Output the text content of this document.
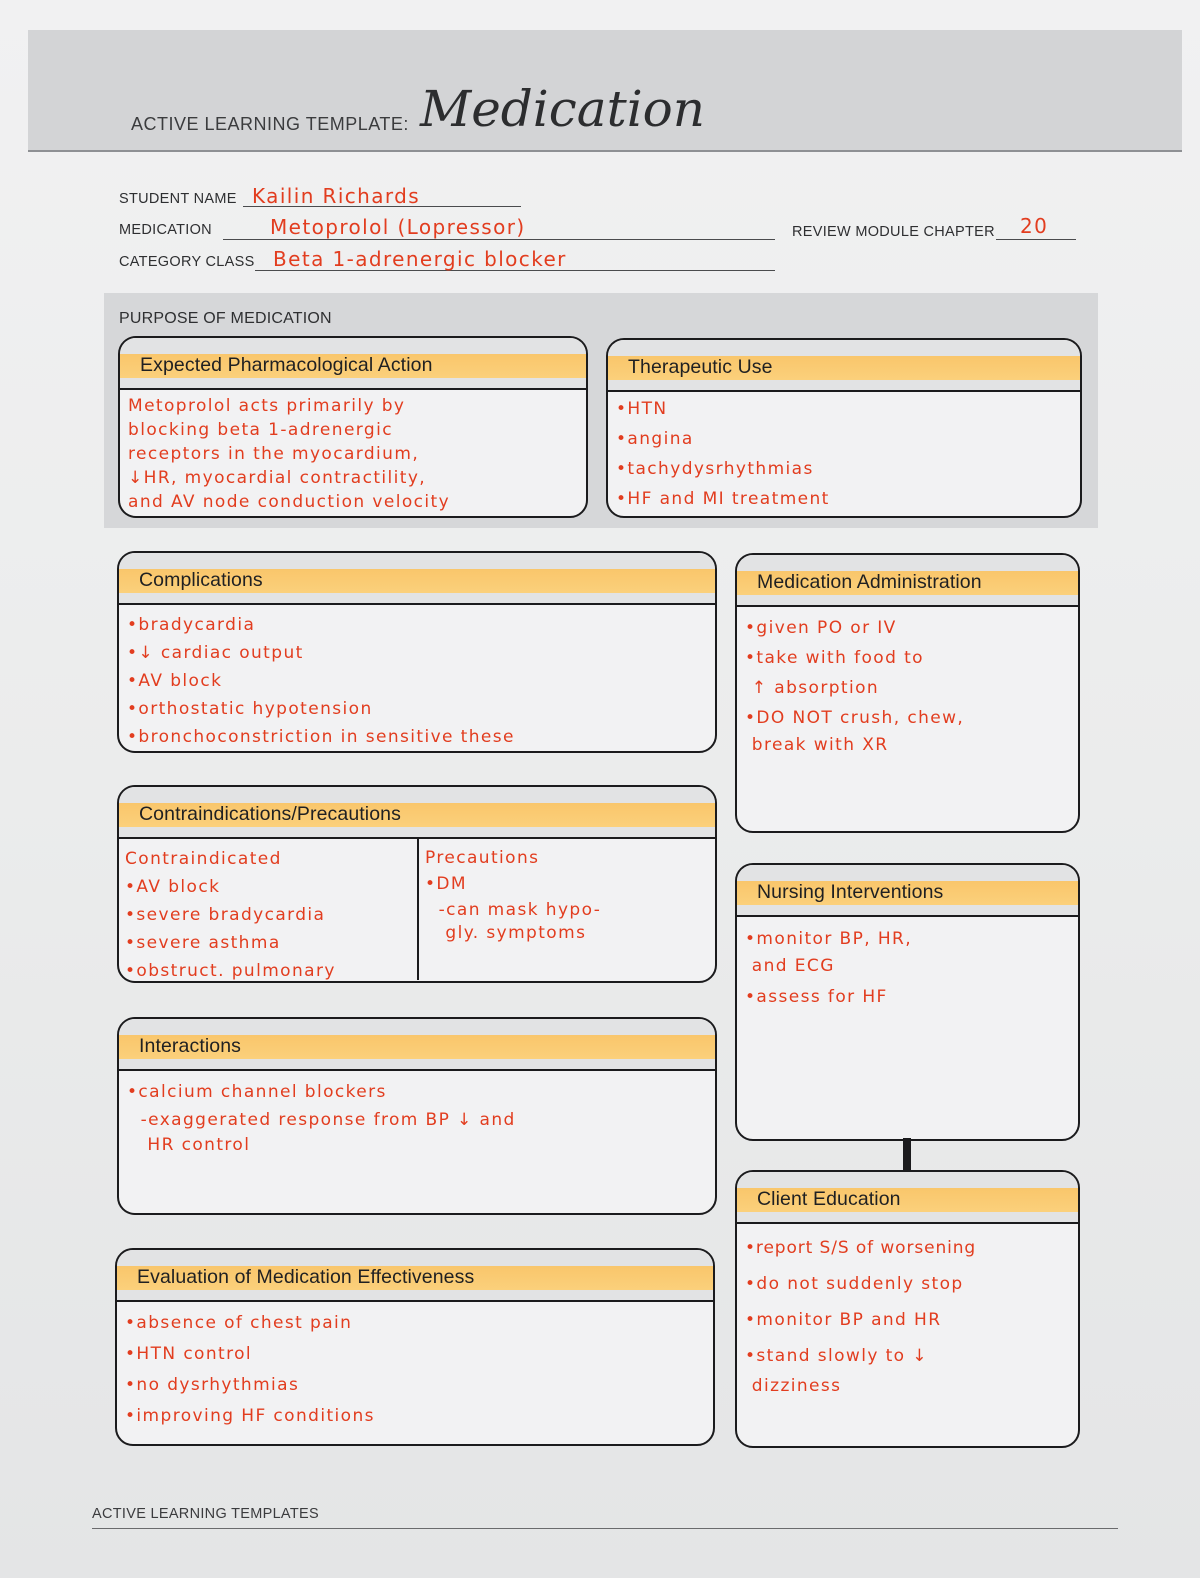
ACTIVE LEARNING TEMPLATE: Medication
STUDENT NAME Kailin Richards
MEDICATION	Metoprolol (Lopressor)	REVIEW MODULE CHAPTER 20
CATEGORY CLASS Beta 1-adrenergic blocker
PURPOSE OF MEDICATION
Expected Pharmacological Action
Metoprolol acts primarily by
blocking beta 1-adrenergic
receptors in the myocardium,
↓HR, myocardial contractility,
and AV node conduction velocity
Therapeutic Use
•HTN
•angina
•tachydysrhythmias
•HF and MI treatment
Complications
•bradycardia
•↓ cardiac output
•AV block
•orthostatic hypotension
•bronchoconstriction in sensitive these
Medication Administration
•given PO or IV
•take with food to
↑ absorption
•DO NOT crush, chew,
break with XR
Contraindications/Precautions
Contraindicated
•AV block
•severe bradycardia
•severe asthma
•obstruct. pulmonary
Precautions
•DM
-can mask hypo-
gly. symptoms
Nursing Interventions
•monitor BP, HR,
and ECG
•assess for HF
Interactions
•calcium channel blockers
-exaggerated response from BP ↓ and
HR control
Client Education
•report S/S of worsening
•do not suddenly stop
•monitor BP and HR
•stand slowly to ↓
dizziness
Evaluation of Medication Effectiveness
•absence of chest pain
•HTN control
•no dysrhythmias
•improving HF conditions
ACTIVE LEARNING TEMPLATES
